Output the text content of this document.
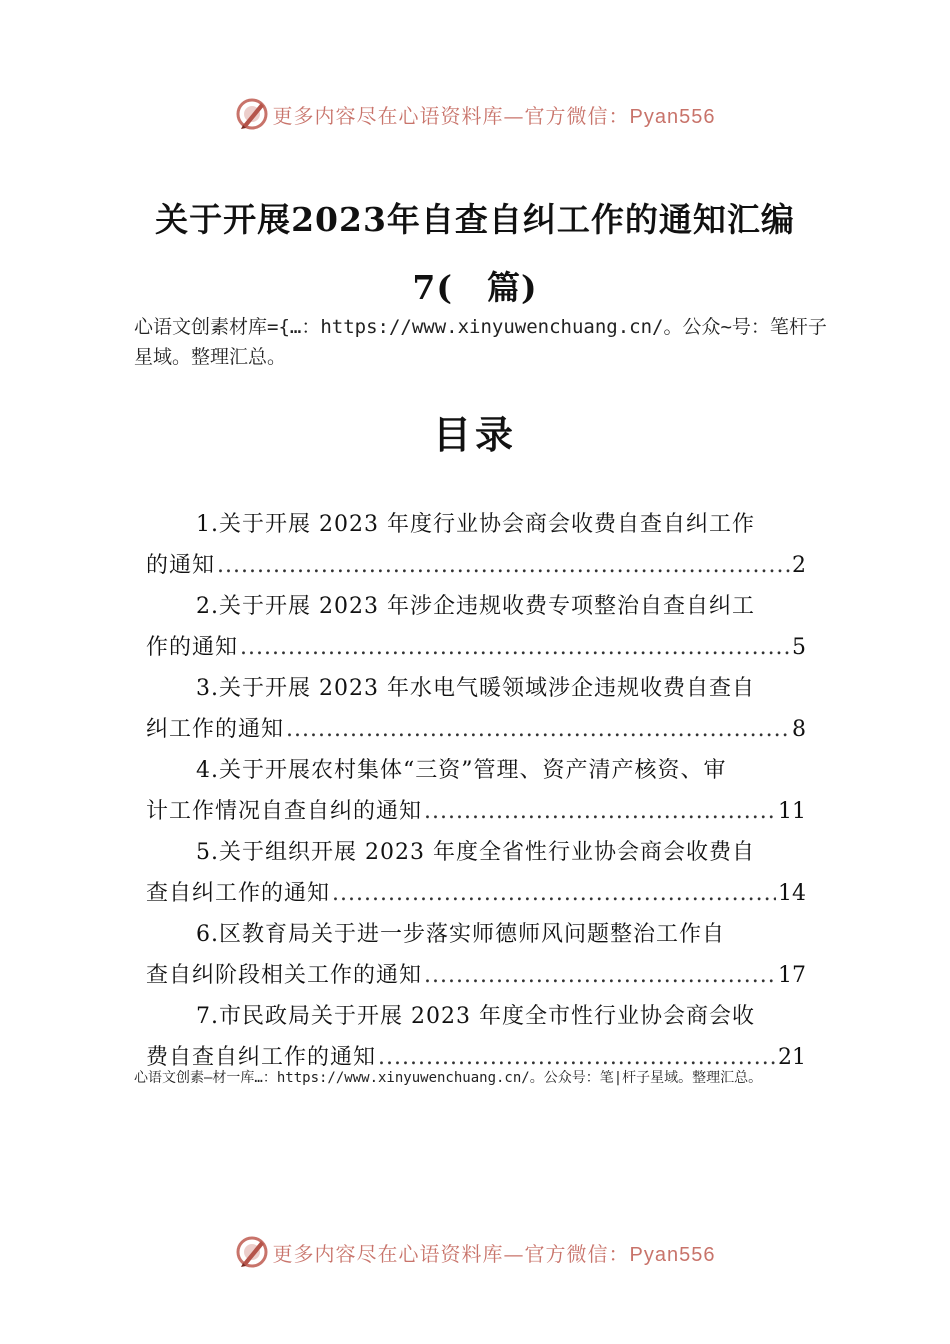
更多内容尽在心语资料库—官方微信：Pyan556
关于开展2023年自查自纠工作的通知汇编
7(　篇)
心语文创素材库={…：https://www.xinyuwenchuang.cn/。公众~号：笔杆子星域。整理汇总。
目录
1.关于开展 2023 年度行业协会商会收费自查自纠工作
的通知 .....	2
2.关于开展 2023 年涉企违规收费专项整治自查自纠工
作的通知 .....	5
3.关于开展 2023 年水电气暖领域涉企违规收费自查自
纠工作的通知 .....	8
4.关于开展农村集体“三资”管理、资产清产核资、审
计工作情况自查自纠的通知 .....	11
5.关于组织开展 2023 年度全省性行业协会商会收费自
查自纠工作的通知 .....	14
6.区教育局关于进一步落实师德师风问题整治工作自
查自纠阶段相关工作的通知 .....	17
7.市民政局关于开展 2023 年度全市性行业协会商会收
费自查自纠工作的通知 .....	21
心语文创素—材一库…：https://www.xinyuwenchuang.cn/。公众号：笔|杆子星域。整理汇总。
更多内容尽在心语资料库—官方微信：Pyan556
